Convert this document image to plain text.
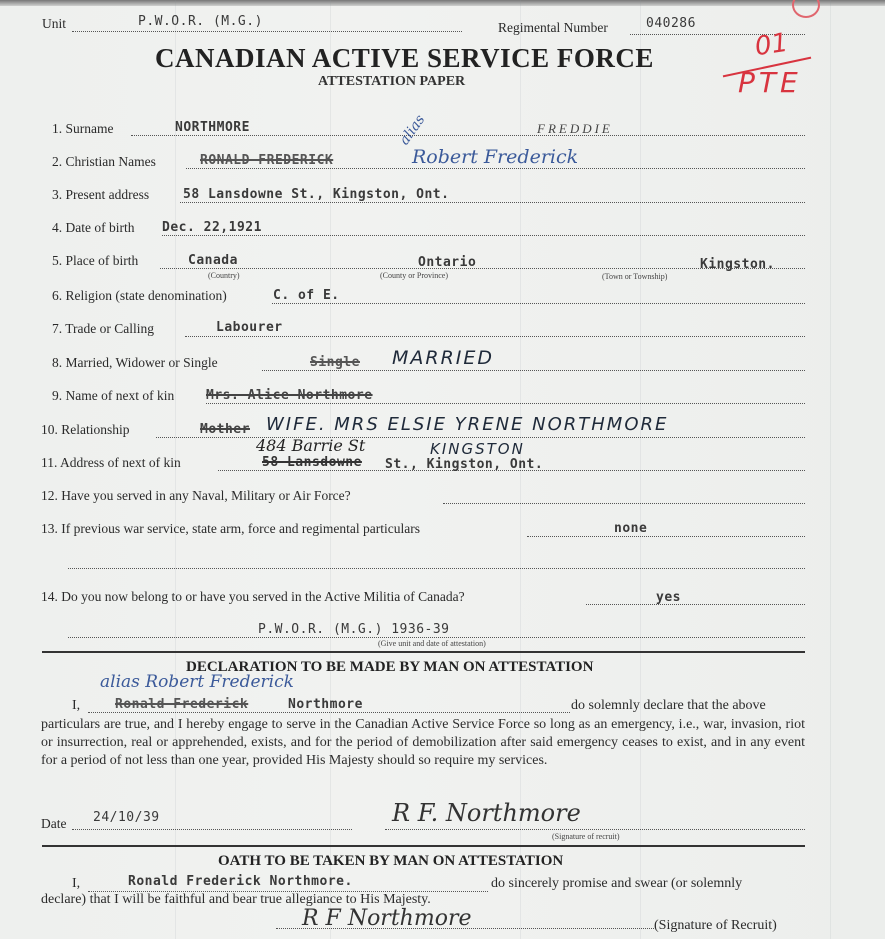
Unit	P.W.O.R. (M.G.)	Regimental Number	040286
CANADIAN ACTIVE SERVICE FORCE
ATTESTATION PAPER
01
PTE
1. Surname	NORTHMORE	FREDDIE
2. Christian Names	RONALD FREDERICK	Robert Frederick
alias
3. Present address	58 Lansdowne St., Kingston, Ont.
4. Date of birth Dec. 22,1921
5. Place of birth	Canada	Ontario	Kingston.
(Country)	(County or Province)	(Town or Township)
6. Religion (state denomination)	C. of E.
7. Trade or Calling	Labourer
8. Married, Widower or Single	Single MARRIED
9. Name of next of kin Mrs. Alice Northmore
10. Relationship	Mother WIFE. MRS ELSIE YRENE NORTHMORE
484 Barrie St	KINGSTON
11. Address of next of kin	58 Lansdowne St., Kingston, Ont.
12. Have you served in any Naval, Military or Air Force?
13. If previous war service, state arm, force and regimental particulars	none
14. Do you now belong to or have you served in the Active Militia of Canada?	yes
P.W.O.R. (M.G.) 1936-39
(Give unit and date of attestation)
DECLARATION TO BE MADE BY MAN ON ATTESTATION
alias Robert Frederick
I,	Ronald Frederick	Northmore	do solemnly declare that the above
particulars are true, and I hereby engage to serve in the Canadian Active Service Force so long as an emergency, i.e., war, invasion, riot or insurrection, real or apprehended, exists, and for the period of demobilization after said emergency ceases to exist, and in any event for a period of not less than one year, provided His Majesty should so require my services.
Date 24/10/39	R F. Northmore
(Signature of recruit)
OATH TO BE TAKEN BY MAN ON ATTESTATION
I,	Ronald Frederick Northmore.	do sincerely promise and swear (or solemnly
declare) that I will be faithful and bear true allegiance to His Majesty.
R F Northmore	(Signature of Recruit)
